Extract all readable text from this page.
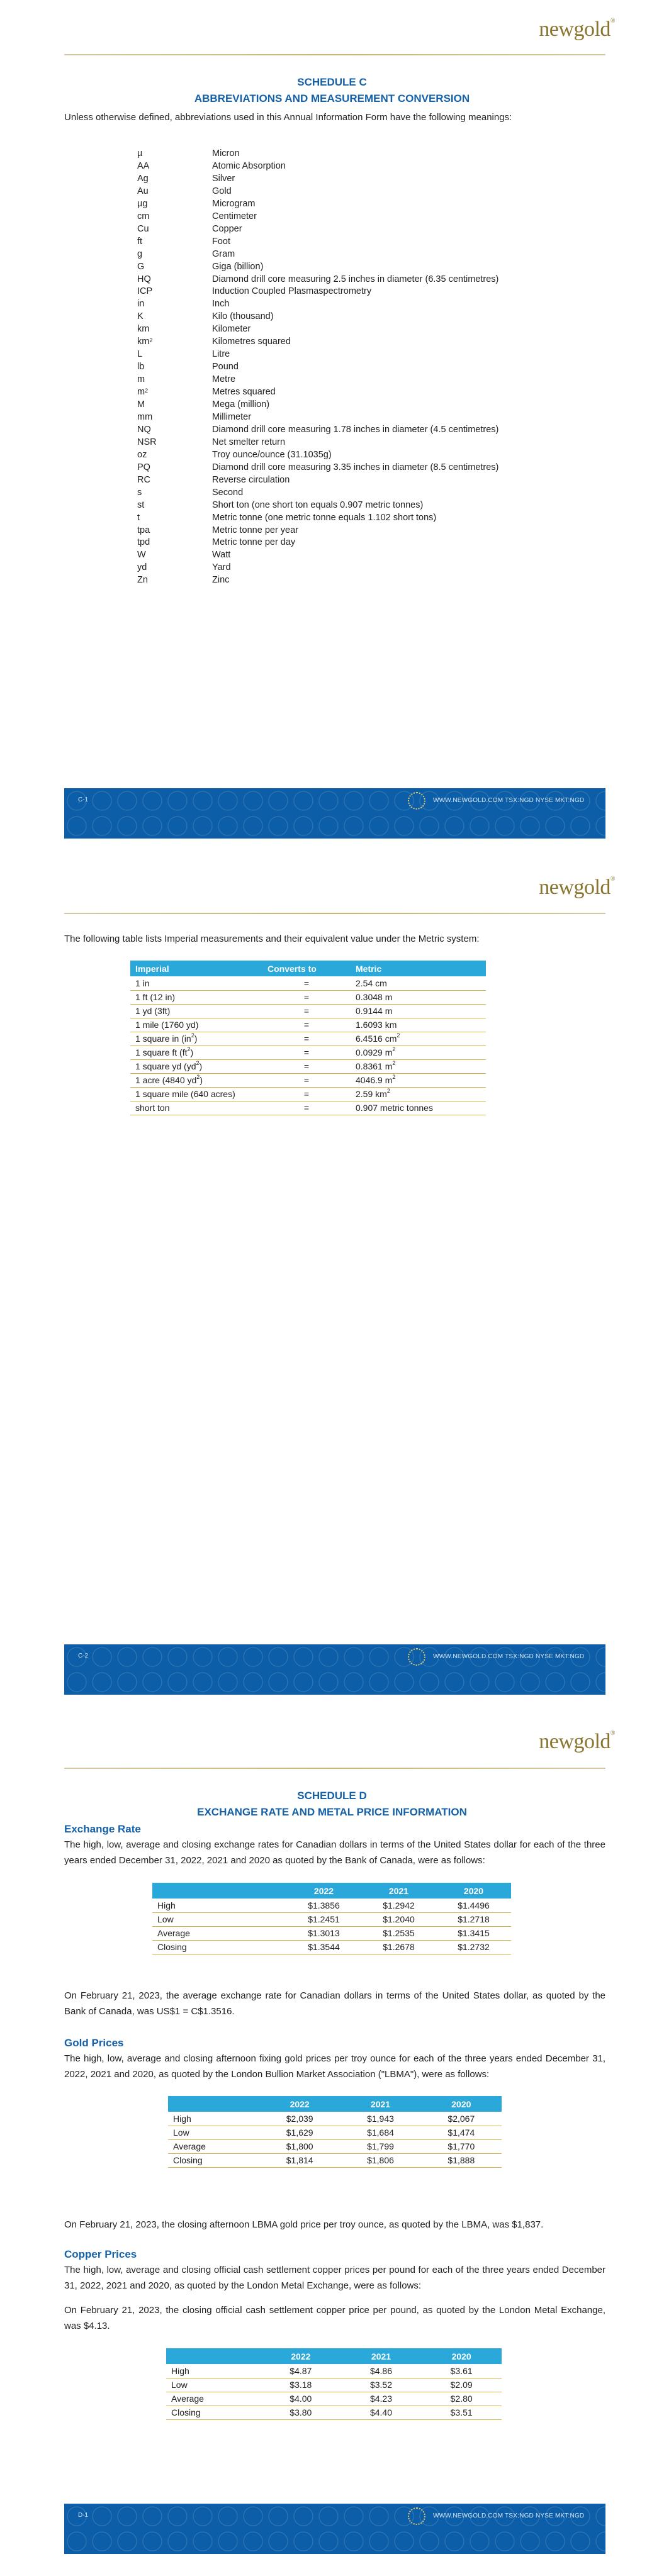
newgold®
SCHEDULE C
ABBREVIATIONS AND MEASUREMENT CONVERSION
Unless otherwise defined, abbreviations used in this Annual Information Form have the following meanings:
µ	Micron
AA	Atomic Absorption
Ag	Silver
Au	Gold
µg	Microgram
cm	Centimeter
Cu	Copper
ft	Foot
g	Gram
G	Giga (billion)
HQ	Diamond drill core measuring 2.5 inches in diameter (6.35 centimetres)
ICP	Induction Coupled Plasmaspectrometry
in	Inch
K	Kilo (thousand)
km	Kilometer
$km^2$	Kilometres squared
L	Litre
lb	Pound
m	Metre
$m^2$	Metres squared
M	Mega (million)
mm	Millimeter
NQ	Diamond drill core measuring 1.78 inches in diameter (4.5 centimetres)
NSR	Net smelter return
oz	Troy ounce/ounce (31.1035g)
PQ	Diamond drill core measuring 3.35 inches in diameter (8.5 centimetres)
RC	Reverse circulation
s	Second
st	Short ton (one short ton equals 0.907 metric tonnes)
t	Metric tonne (one metric tonne equals 1.102 short tons)
tpa	Metric tonne per year
tpd	Metric tonne per day
W	Watt
yd	Yard
Zn	Zinc
C-1	WWW.NEWGOLD.COM TSX:NGD NYSE MKT:NGD
newgold®
The following table lists Imperial measurements and their equivalent value under the Metric system:
Imperial	Converts to	Metric
1 in	=	2.54 cm
1 ft (12 in)	=	0.3048 m
1 yd (3ft)	=	0.9144 m
1 mile (1760 yd)	=	1.6093 km
1 square in $(in^2)$	=	6.4516 $cm^2$
1 square ft $(ft^2)$	=	0.0929 $m^2$
1 square yd $(yd^2)$	=	0.8361 $m^2$
1 acre (4840 $yd^2$)	=	4046.9 $m^2$
1 square mile (640 acres)	=	2.59 $km^2$
short ton	=	0.907 metric tonnes
C-2	WWW.NEWGOLD.COM TSX:NGD NYSE MKT:NGD
newgold®
SCHEDULE D
EXCHANGE RATE AND METAL PRICE INFORMATION
Exchange Rate
The high, low, average and closing exchange rates for Canadian dollars in terms of the United States dollar for each of the three years ended December 31, 2022, 2021 and 2020 as quoted by the Bank of Canada, were as follows:
	2022	2021	2020
High	$1.3856	$1.2942	$1.4496
Low	$1.2451	$1.2040	$1.2718
Average	$1.3013	$1.2535	$1.3415
Closing	$1.3544	$1.2678	$1.2732
On February 21, 2023, the average exchange rate for Canadian dollars in terms of the United States dollar, as quoted by the Bank of Canada, was US$1 = C$1.3516.
Gold Prices
The high, low, average and closing afternoon fixing gold prices per troy ounce for each of the three years ended December 31, 2022, 2021 and 2020, as quoted by the London Bullion Market Association ("LBMA"), were as follows:
	2022	2021	2020
High	$2,039	$1,943	$2,067
Low	$1,629	$1,684	$1,474
Average	$1,800	$1,799	$1,770
Closing	$1,814	$1,806	$1,888
On February 21, 2023, the closing afternoon LBMA gold price per troy ounce, as quoted by the LBMA, was $1,837.
Copper Prices
The high, low, average and closing official cash settlement copper prices per pound for each of the three years ended December 31, 2022, 2021 and 2020, as quoted by the London Metal Exchange, were as follows:
On February 21, 2023, the closing official cash settlement copper price per pound, as quoted by the London Metal Exchange, was $4.13.
	2022	2021	2020
High	$4.87	$4.86	$3.61
Low	$3.18	$3.52	$2.09
Average	$4.00	$4.23	$2.80
Closing	$3.80	$4.40	$3.51
D-1	WWW.NEWGOLD.COM TSX:NGD NYSE MKT:NGD
